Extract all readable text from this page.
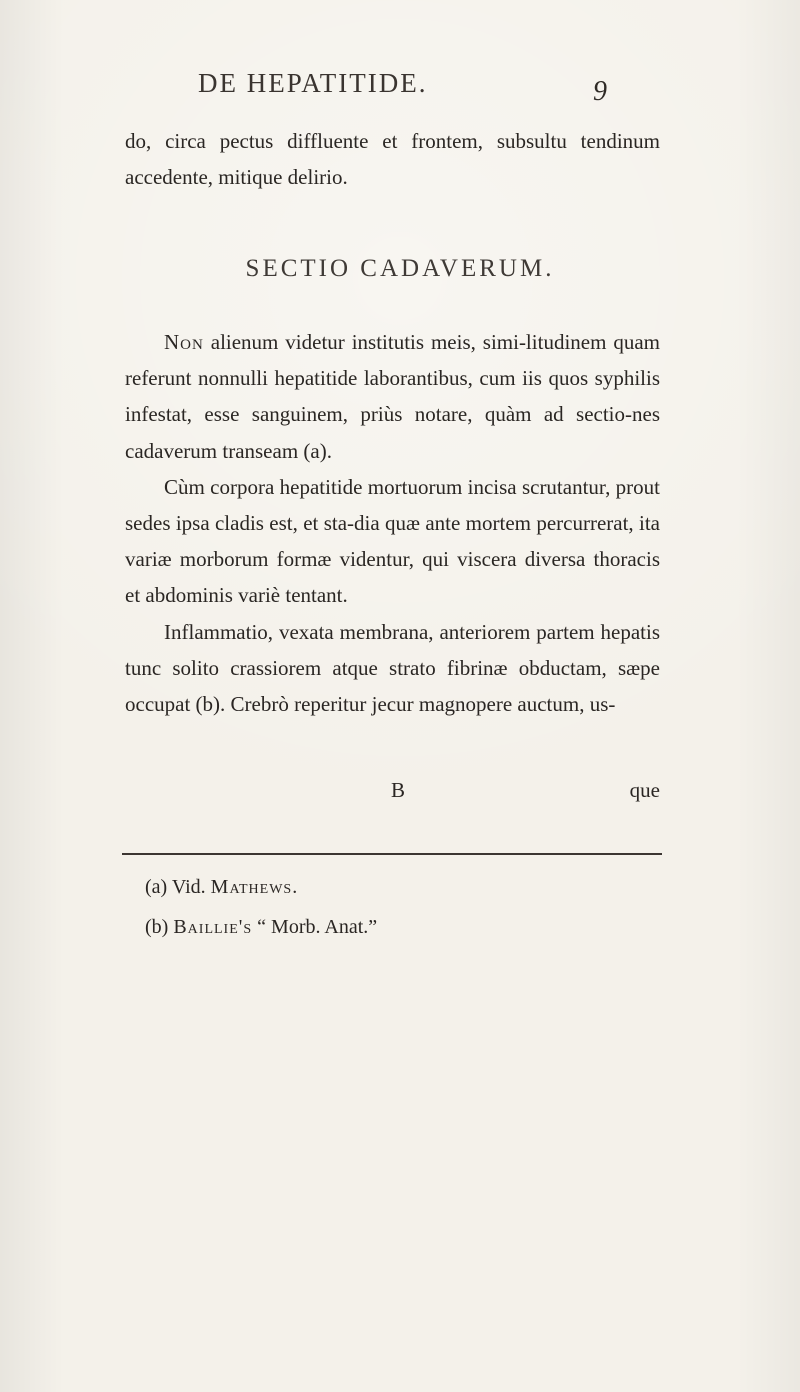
DE HEPATITIDE.	9

do, circa pectus diffluente et frontem, subsultu tendinum accedente, mitique delirio.

SECTIO CADAVERUM.

Non alienum videtur institutis meis, simi-litudinem quam referunt nonnulli hepatitide laborantibus, cum iis quos syphilis infestat, esse sanguinem, priùs notare, quàm ad sectio-nes cadaverum transeam (a).

Cùm corpora hepatitide mortuorum incisa scrutantur, prout sedes ipsa cladis est, et sta-dia quæ ante mortem percurrerat, ita variæ morborum formæ videntur, qui viscera diversa thoracis et abdominis variè tentant.

Inflammatio, vexata membrana, anteriorem partem hepatis tunc solito crassiorem atque strato fibrinæ obductam, sæpe occupat (b). Crebrò reperitur jecur magnopere auctum, us-

B	que

(a) Vid. Mathews.

(b) Baillie's “ Morb. Anat.”
